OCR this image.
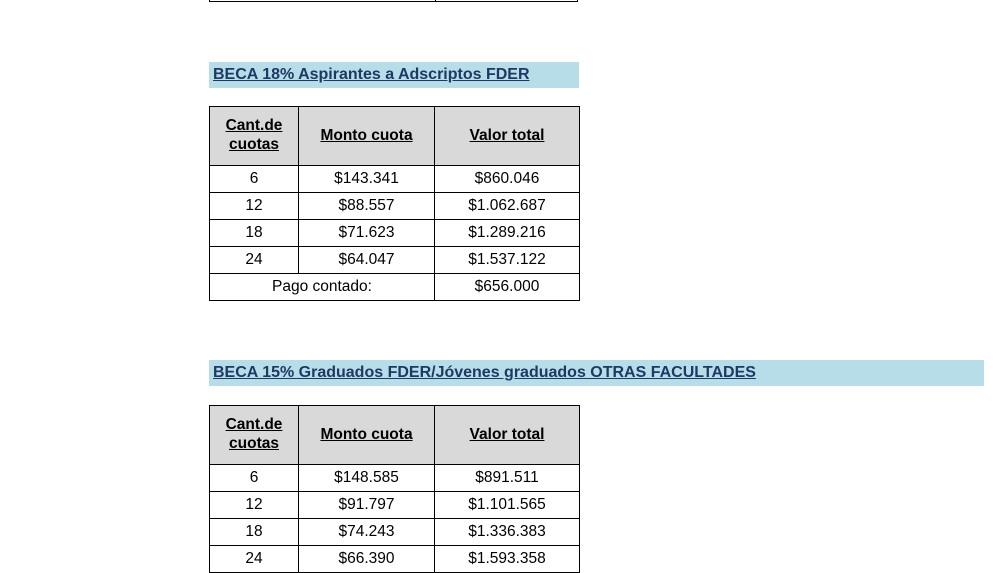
BECA 18% Aspirantes a Adscriptos FDER
Cant.de cuotas	Monto cuota	Valor total
6	$143.341	$860.046
12	$88.557	$1.062.687
18	$71.623	$1.289.216
24	$64.047	$1.537.122
Pago contado:		$656.000
BECA 15% Graduados FDER/Jóvenes graduados OTRAS FACULTADES
Cant.de cuotas	Monto cuota	Valor total
6	$148.585	$891.511
12	$91.797	$1.101.565
18	$74.243	$1.336.383
24	$66.390	$1.593.358
